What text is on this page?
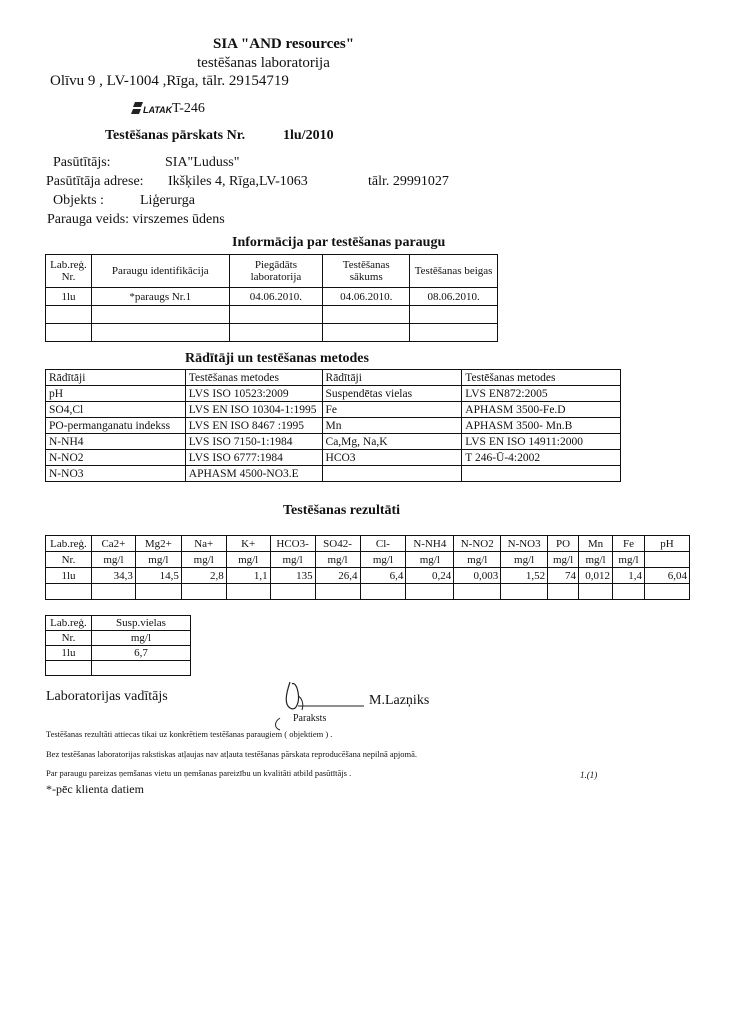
SIA "AND resources"
testēšanas laboratorija
Olīvu 9 , LV-1004 ,Rīga, tālr. 29154719
LATAK T-246
Testēšanas pārskats Nr.	1lu/2010
Pasūtītājs:	SIA"Luduss"
Pasūtītāja adrese: Ikšķiles 4, Rīga,LV-1063	tālr. 29991027
Objekts :	Liģerurga
Parauga veids: virszemes ūdens
Informācija par testēšanas paraugu
Lab.reģ. Nr.	Paraugu identifikācija	Piegādāts laboratorija	Testēšanas sākums	Testēšanas beigas
1lu	*paraugs Nr.1	04.06.2010.	04.06.2010.	08.06.2010.

Rādītāji un testēšanas metodes
Rādītāji	Testēšanas metodes	Rādītāji	Testēšanas metodes
pH	LVS ISO 10523:2009	Suspendētas vielas	LVS EN872:2005
SO4,Cl	LVS EN ISO 10304-1:1995	Fe	APHASM 3500-Fe.D
PO-permanganatu indekss	LVS EN ISO 8467 :1995	Mn	APHASM 3500- Mn.B
N-NH4	LVS ISO 7150-1:1984	Ca,Mg, Na,K	LVS EN ISO 14911:2000
N-NO2	LVS ISO 6777:1984	HCO3	T 246-Ū-4:2002
N-NO3	APHASM 4500-NO3.E		
Testēšanas rezultāti
Lab.reģ.	Ca2+	Mg2+	Na+	K+	HCO3-	SO42-	Cl-	N-NH4	N-NO2	N-NO3	PO	Mn	Fe	pH
Nr.	mg/l	mg/l	mg/l	mg/l	mg/l	mg/l	mg/l	mg/l	mg/l	mg/l	mg/l	mg/l	mg/l	
1lu	34,3	14,5	2,8	1,1	135	26,4	6,4	0,24	0,003	1,52	74	0,012	1,4	6,04

Lab.reģ.	Susp.vielas
Nr.	mg/l
1lu	6,7

Laboratorijas vadītājs	M.Lazņiks
Paraksts
Testēšanas rezultāti attiecas tikai uz konkrētiem testēšanas paraugiem ( objektiem ) .
Bez testēšanas laboratorijas rakstiskas atļaujas nav atļauta testēšanas pārskata reproducēšana nepilnā apjomā.
Par paraugu pareizas ņemšanas vietu un ņemšanas pareizību un kvalitāti atbild pasūtītājs .	1.(1)
*-pēc klienta datiem
